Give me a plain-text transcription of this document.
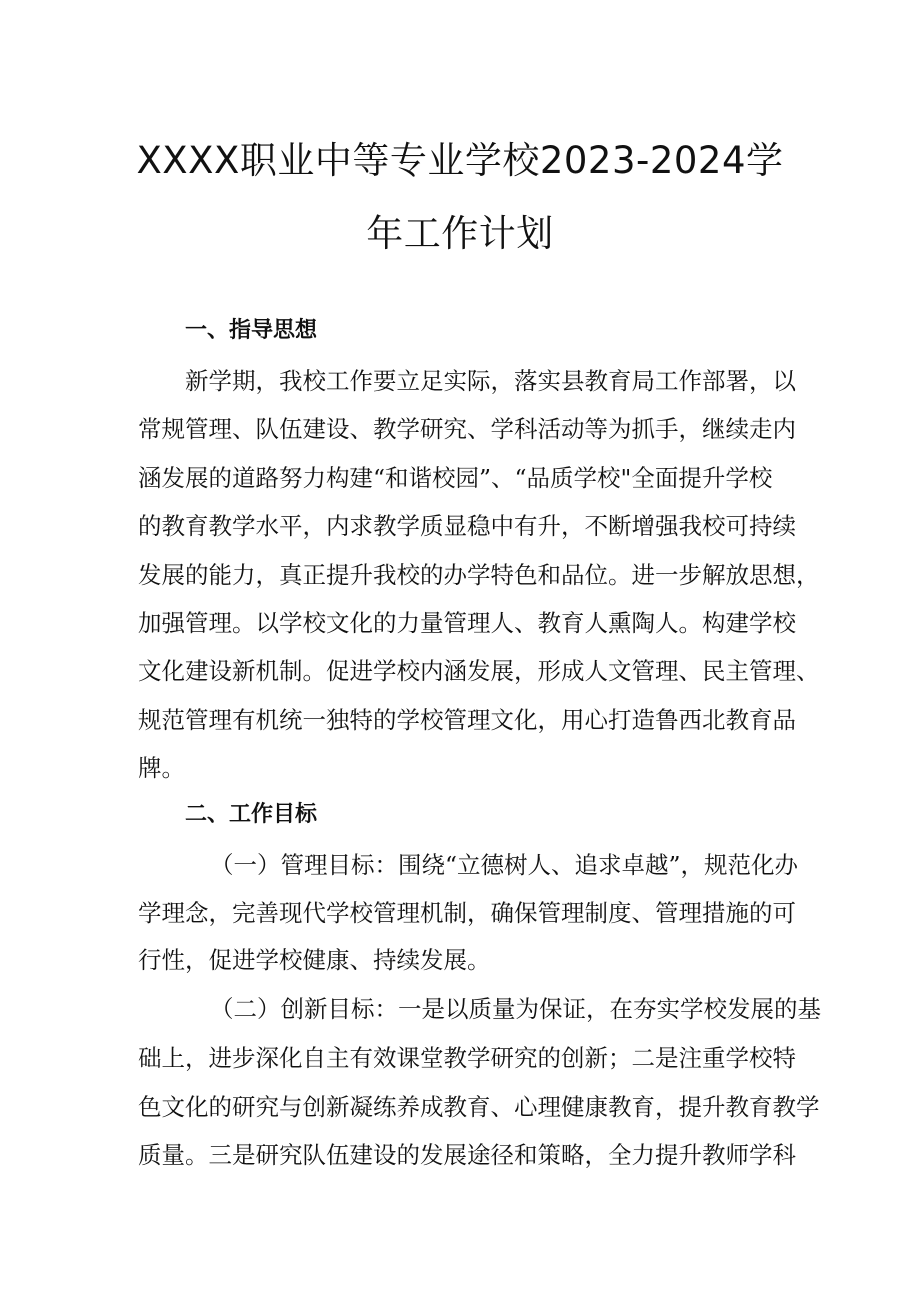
XXXX职业中等专业学校2023-2024学
年工作计划
一、指导思想
新学期，我校工作要立足实际，落实县教育局工作部署，以
常规管理、队伍建设、教学研究、学科活动等为抓手，继续走内
涵发展的道路努力构建“和谐校园”、“品质学校"全面提升学校
的教育教学水平，内求教学质显稳中有升，不断增强我校可持续
发展的能力，真正提升我校的办学特色和品位。进一步解放思想，
加强管理。以学校文化的力量管理人、教育人熏陶人。构建学校
文化建设新机制。促进学校内涵发展，形成人文管理、民主管理、
规范管理有机统一独特的学校管理文化，用心打造鲁西北教育品
牌。
二、工作目标
（一）管理目标：围绕“立德树人、追求卓越”，规范化办
学理念，完善现代学校管理机制，确保管理制度、管理措施的可
行性，促进学校健康、持续发展。
（二）创新目标：一是以质量为保证，在夯实学校发展的基
础上，进步深化自主有效课堂教学研究的创新；二是注重学校特
色文化的研究与创新凝练养成教育、心理健康教育，提升教育教学
质量。三是研究队伍建设的发展途径和策略，全力提升教师学科
